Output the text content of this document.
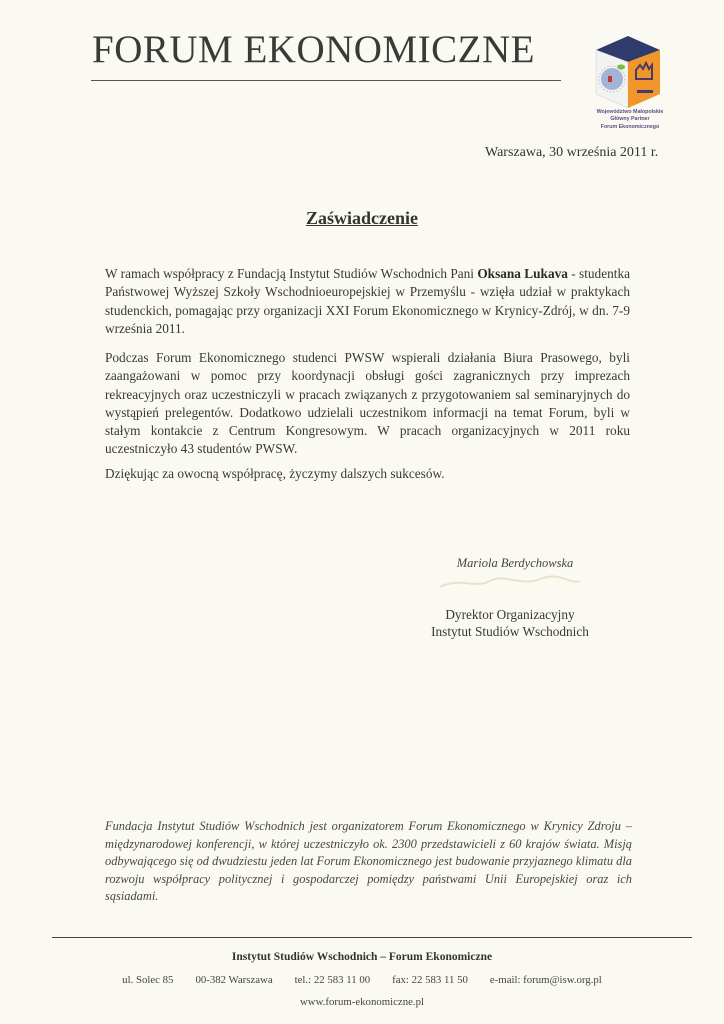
FORUM EKONOMICZNE
Województwo Małopolskie
Główny Partner
Forum Ekonomicznego
Warszawa, 30 września 2011 r.
Zaświadczenie
W ramach współpracy z Fundacją Instytut Studiów Wschodnich Pani Oksana Lukava - studentka Państwowej Wyższej Szkoły Wschodnioeuropejskiej w Przemyślu - wzięła udział w praktykach studenckich, pomagając przy organizacji XXI Forum Ekonomicznego w Krynicy-Zdrój, w dn. 7-9 września 2011.
Podczas Forum Ekonomicznego studenci PWSW wspierali działania Biura Prasowego, byli zaangażowani w pomoc przy koordynacji obsługi gości zagranicznych przy imprezach rekreacyjnych oraz uczestniczyli w pracach związanych z przygotowaniem sal seminaryjnych do wystąpień prelegentów. Dodatkowo udzielali uczestnikom informacji na temat Forum, byli w stałym kontakcie z Centrum Kongresowym. W pracach organizacyjnych w 2011 roku uczestniczyło 43 studentów PWSW.
Dziękując za owocną współpracę, życzymy dalszych sukcesów.
Mariola Berdychowska
Dyrektor Organizacyjny
Instytut Studiów Wschodnich
Fundacja Instytut Studiów Wschodnich jest organizatorem Forum Ekonomicznego w Krynicy Zdroju – międzynarodowej konferencji, w której uczestniczyło ok. 2300 przedstawicieli z 60 krajów świata. Misją odbywającego się od dwudziestu jeden lat Forum Ekonomicznego jest budowanie przyjaznego klimatu dla rozwoju współpracy politycznej i gospodarczej pomiędzy państwami Unii Europejskiej oraz ich sąsiadami.
Instytut Studiów Wschodnich – Forum Ekonomiczne
ul. Solec 85 00-382 Warszawa tel.: 22 583 11 00 fax: 22 583 11 50 e-mail: forum@isw.org.pl
www.forum-ekonomiczne.pl
